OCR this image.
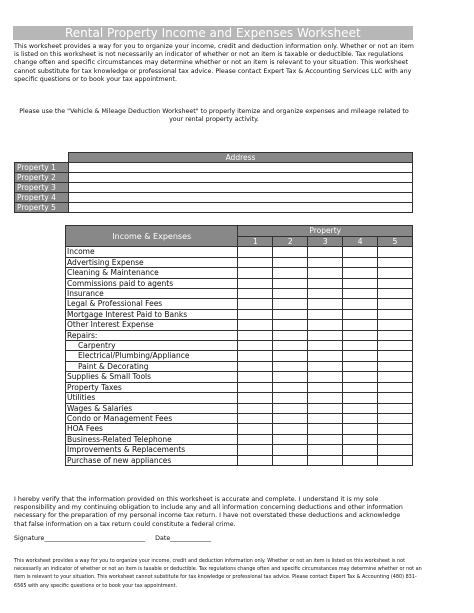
Rental Property Income and Expenses Worksheet
This worksheet provides a way for you to organize your income, credit and deduction information only. Whether or not an item is listed on this worksheet is not necessarily an indicator of whether or not an item is taxable or deductible. Tax regulations change often and specific circumstances may determine whether or not an item is relevant to your situation. This worksheet cannot substitute for tax knowledge or professional tax advice. Please contact Expert Tax & Accounting Services LLC with any specific questions or to book your tax appointment.
Please use the "Vehicle & Mileage Deduction Worksheet" to properly itemize and organize expenses and mileage related to your rental property activity.
	Address
Property 1	
Property 2	
Property 3	
Property 4	
Property 5	
Income & Expenses	Property				
	1	2	3	4	5
Income					
Advertising Expense					
Cleaning & Maintenance					
Commissions paid to agents					
Insurance					
Legal & Professional Fees					
Mortgage Interest Paid to Banks					
Other Interest Expense					
Repairs:					
Carpentry					
Electrical/Plumbing/Appliance					
Paint & Decorating					
Supplies & Small Tools					
Property Taxes					
Utilities					
Wages & Salaries					
Condo or Management Fees					
HOA Fees					
Business-Related Telephone					
Improvements & Replacements					
Purchase of new appliances					
I hereby verify that the information provided on this worksheet is accurate and complete. I understand it is my sole responsibility and my continuing obligation to include any and all information concerning deductions and other information necessary for the preparation of my personal income tax return. I have not overstated these deductions and acknowledge that false information on a tax return could constitute a federal crime.
Signature________________________________ Date_____________
This worksheet provides a way for you to organize your income, credit and deduction information only. Whether or not an item is listed on this worksheet is not necessarily an indicator of whether or not an item is taxable or deductible. Tax regulations change often and specific circumstances may determine whether or not an item is relevant to your situation. This worksheet cannot substitute for tax knowledge or professional tax advice. Please contact Expert Tax & Accounting (480) 831-6565 with any specific questions or to book your tax appointment.
